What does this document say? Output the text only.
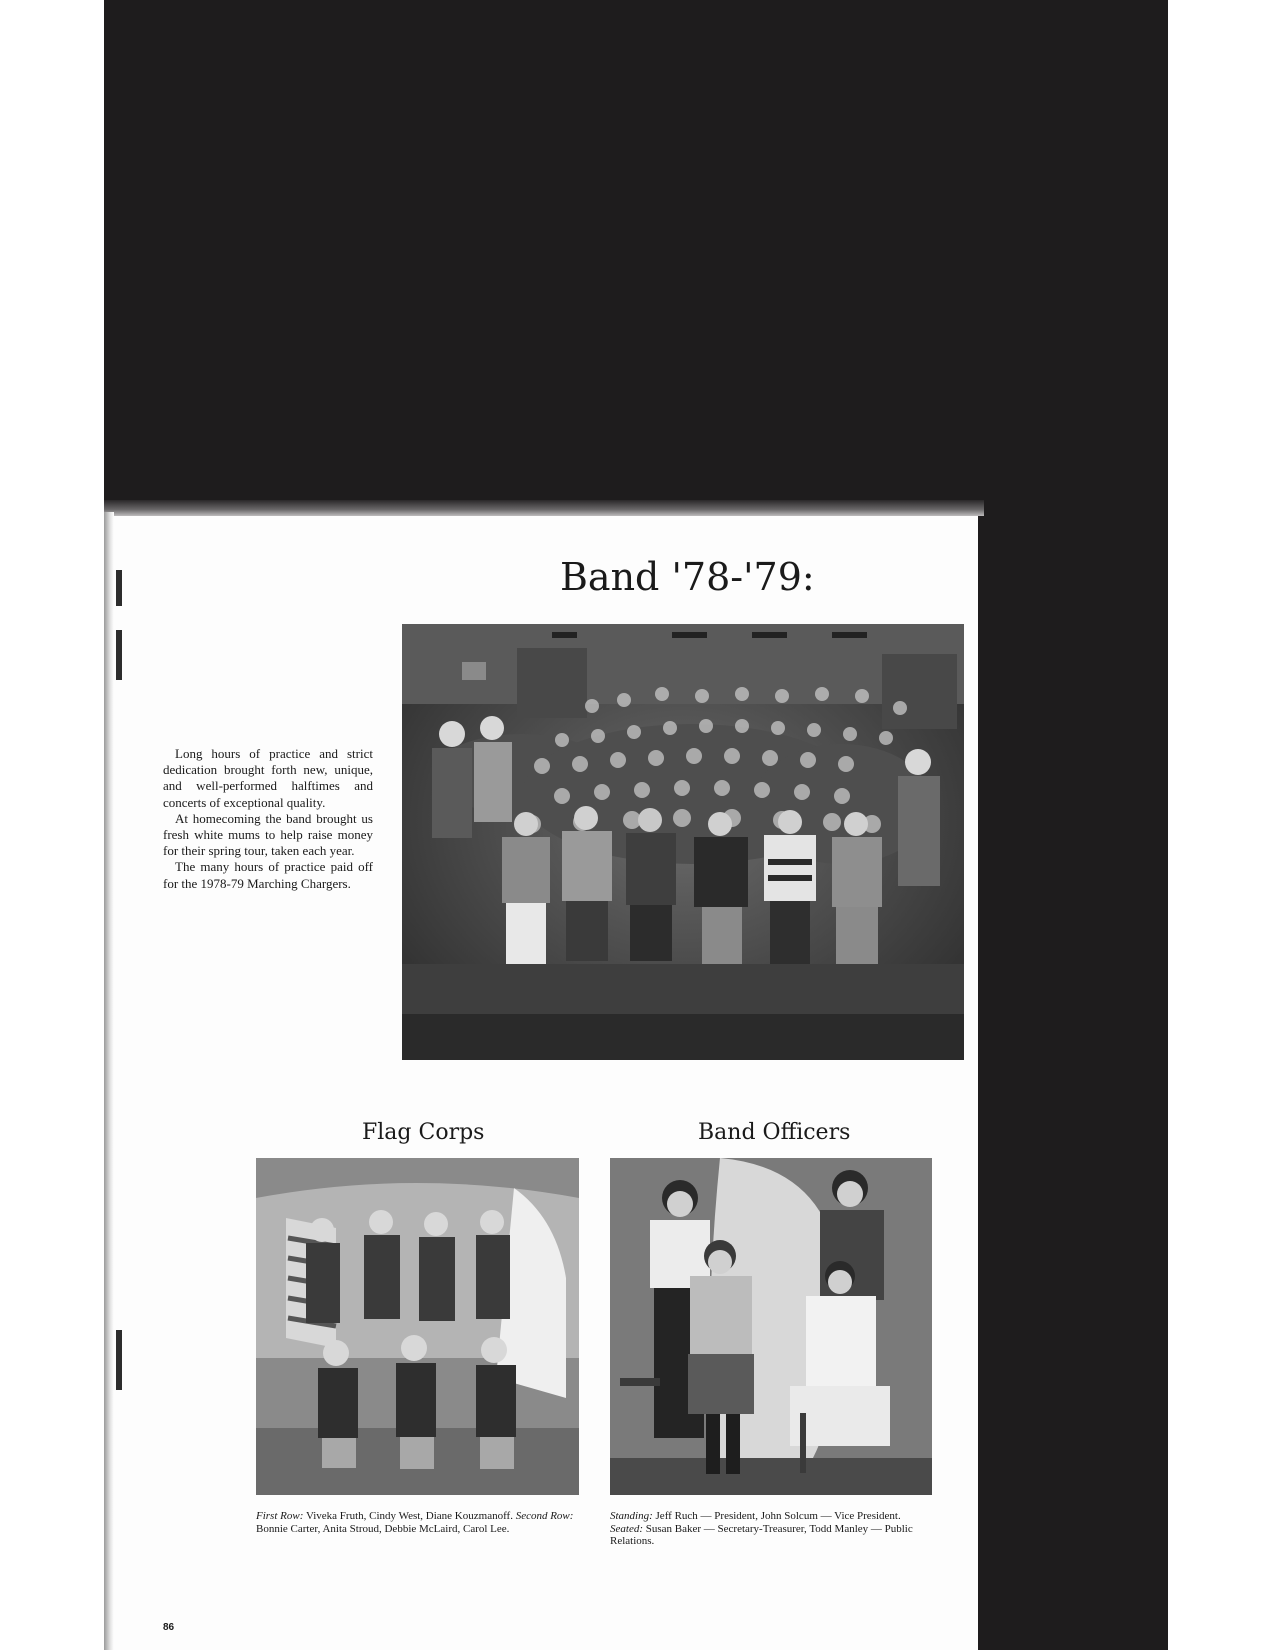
Band '78-'79:

Long hours of practice and strict dedication brought forth new, unique, and well-performed halftimes and concerts of exceptional quality.

At homecoming the band brought us fresh white mums to help raise money for their spring tour, taken each year.

The many hours of practice paid off for the 1978-79 Marching Chargers.

Flag Corps	Band Officers
First Row: Viveka Fruth, Cindy West, Diane Kouzmanoff. Second Row: Bonnie Carter, Anita Stroud, Debbie McLaird, Carol Lee.
Standing: Jeff Ruch — President, John Solcum — Vice President. Seated: Susan Baker — Secretary-Treasurer, Todd Manley — Public Relations.
86
